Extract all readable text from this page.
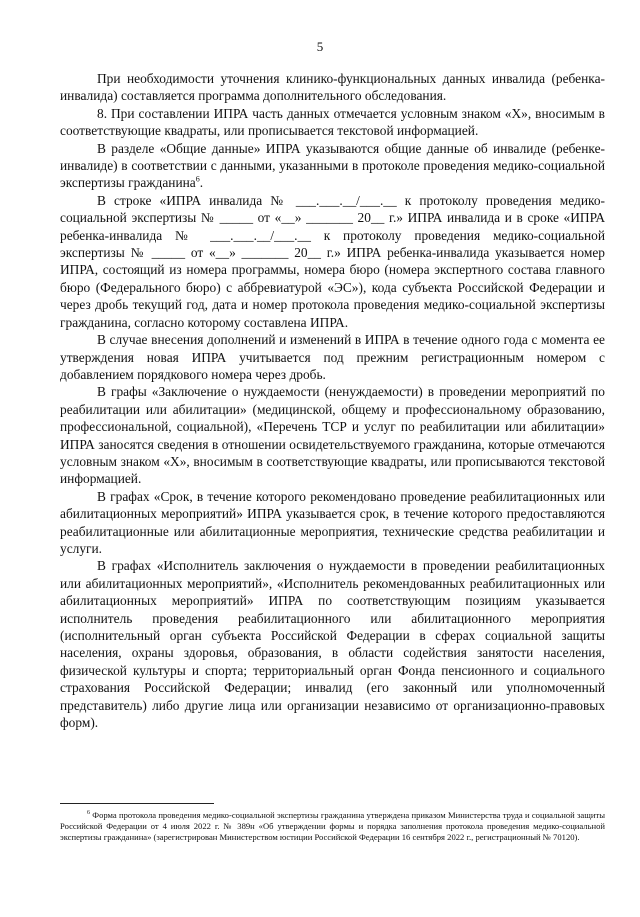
5

При необходимости уточнения клинико-функциональных данных инвалида (ребенка-инвалида) составляется программа дополнительного обследования.

8. При составлении ИПРА часть данных отмечается условным знаком «X», вносимым в соответствующие квадраты, или прописывается текстовой информацией.

В разделе «Общие данные» ИПРА указываются общие данные об инвалиде (ребенке-инвалиде) в соответствии с данными, указанными в протоколе проведения медико-социальной экспертизы гражданина$^6$.

В строке «ИПРА инвалида № ___.___.__/___.__ к протоколу проведения медико-социальной экспертизы № _____ от «__» _______ 20__ г.» ИПРА инвалида и в сроке «ИПРА ребенка-инвалида № ___.___.__/___.__ к протоколу проведения медико-социальной экспертизы № _____ от «__» _______ 20__ г.» ИПРА ребенка-инвалида указывается номер ИПРА, состоящий из номера программы, номера бюро (номера экспертного состава главного бюро (Федерального бюро) с аббревиатурой «ЭС»), кода субъекта Российской Федерации и через дробь текущий год, дата и номер протокола проведения медико-социальной экспертизы гражданина, согласно которому составлена ИПРА.

В случае внесения дополнений и изменений в ИПРА в течение одного года с момента ее утверждения новая ИПРА учитывается под прежним регистрационным номером с добавлением порядкового номера через дробь.

В графы «Заключение о нуждаемости (ненуждаемости) в проведении мероприятий по реабилитации или абилитации» (медицинской, общему и профессиональному образованию, профессиональной, социальной), «Перечень ТСР и услуг по реабилитации или абилитации» ИПРА заносятся сведения в отношении освидетельствуемого гражданина, которые отмечаются условным знаком «X», вносимым в соответствующие квадраты, или прописываются текстовой информацией.

В графах «Срок, в течение которого рекомендовано проведение реабилитационных или абилитационных мероприятий» ИПРА указывается срок, в течение которого предоставляются реабилитационные или абилитационные мероприятия, технические средства реабилитации и услуги.

В графах «Исполнитель заключения о нуждаемости в проведении реабилитационных или абилитационных мероприятий», «Исполнитель рекомендованных реабилитационных или абилитационных мероприятий» ИПРА по соответствующим позициям указывается исполнитель проведения реабилитационного или абилитационного мероприятия (исполнительный орган субъекта Российской Федерации в сферах социальной защиты населения, охраны здоровья, образования, в области содействия занятости населения, физической культуры и спорта; территориальный орган Фонда пенсионного и социального страхования Российской Федерации; инвалид (его законный или уполномоченный представитель) либо другие лица или организации независимо от организационно-правовых форм).

$^6$ Форма протокола проведения медико-социальной экспертизы гражданина утверждена приказом Министерства труда и социальной защиты Российской Федерации от 4 июля 2022 г. № 389н «Об утверждении формы и порядка заполнения протокола проведения медико-социальной экспертизы гражданина» (зарегистрирован Министерством юстиции Российской Федерации 16 сентября 2022 г., регистрационный № 70120).
